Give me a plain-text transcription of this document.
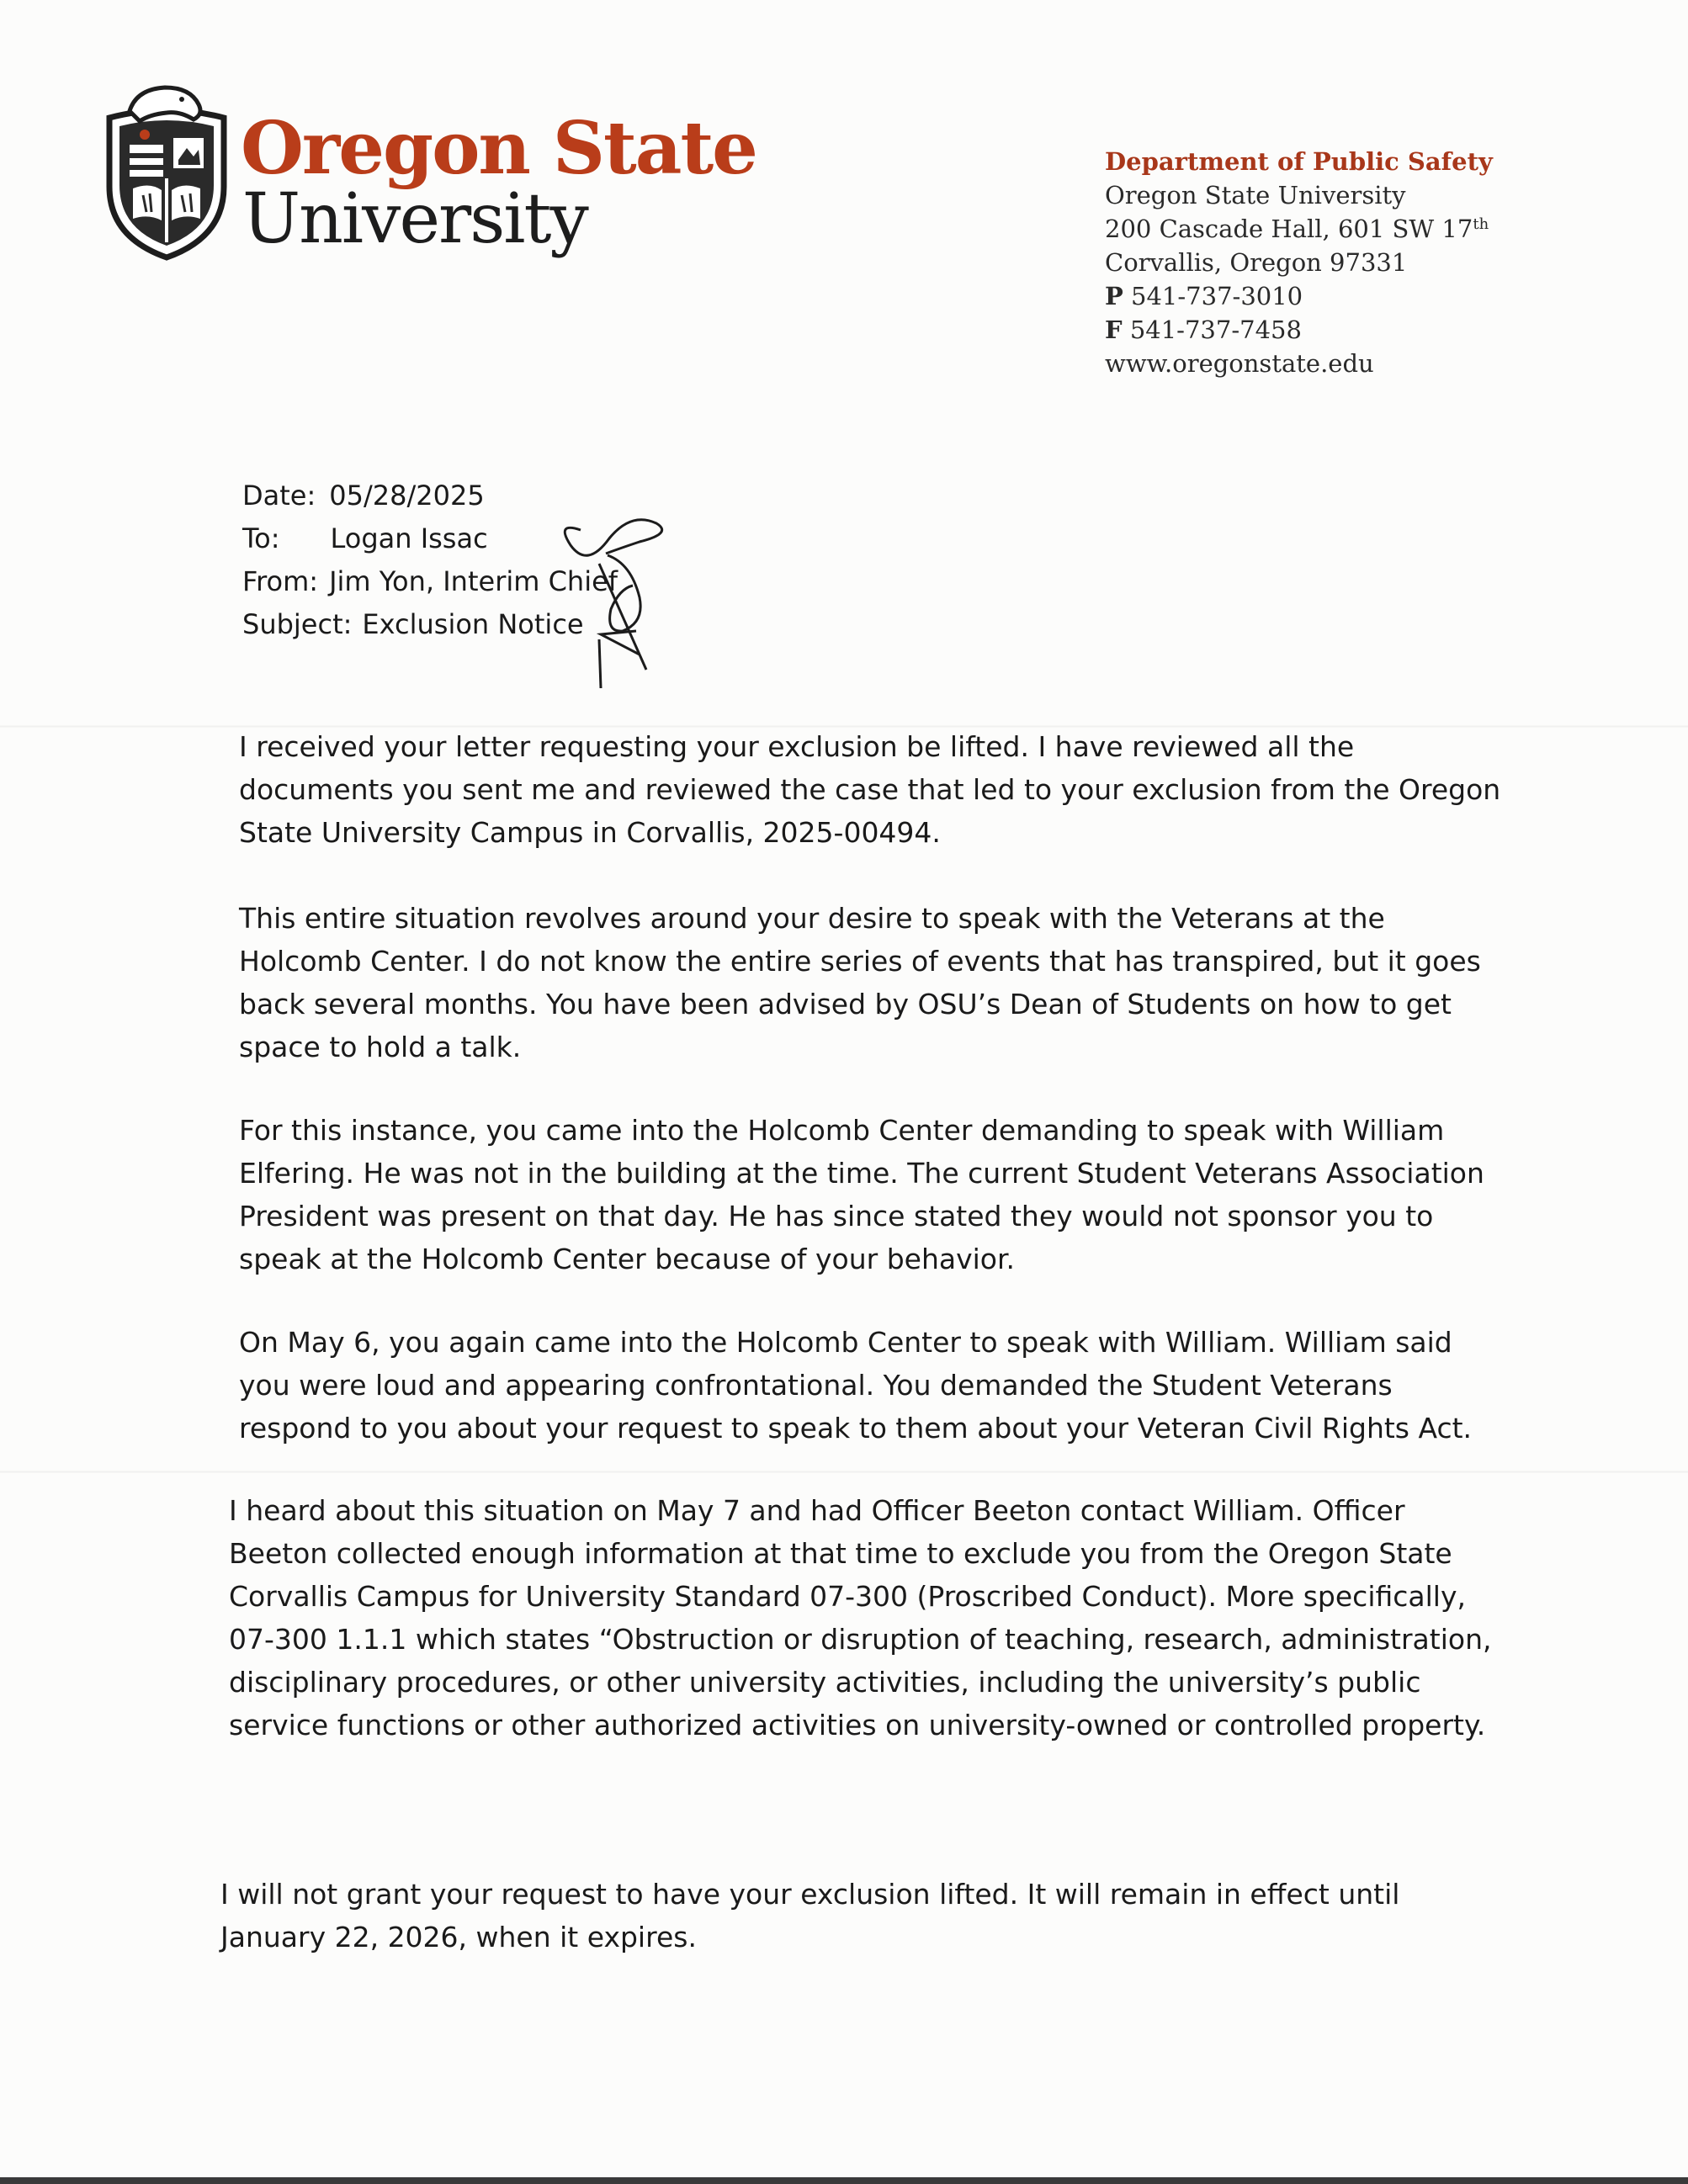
Oregon State
University
Department of Public Safety
Oregon State University
200 Cascade Hall, 601 SW 17th
Corvallis, Oregon 97331
P 541-737-3010
F 541-737-7458
www.oregonstate.edu
Date: 05/28/2025
To: Logan Issac
From: Jim Yon, Interim Chief
Subject: Exclusion Notice
I received your letter requesting your exclusion be lifted. I have reviewed all the
documents you sent me and reviewed the case that led to your exclusion from the Oregon
State University Campus in Corvallis, 2025-00494.
This entire situation revolves around your desire to speak with the Veterans at the
Holcomb Center. I do not know the entire series of events that has transpired, but it goes
back several months. You have been advised by OSU’s Dean of Students on how to get
space to hold a talk.
For this instance, you came into the Holcomb Center demanding to speak with William
Elfering. He was not in the building at the time. The current Student Veterans Association
President was present on that day. He has since stated they would not sponsor you to
speak at the Holcomb Center because of your behavior.
On May 6, you again came into the Holcomb Center to speak with William. William said
you were loud and appearing confrontational. You demanded the Student Veterans
respond to you about your request to speak to them about your Veteran Civil Rights Act.
I heard about this situation on May 7 and had Officer Beeton contact William. Officer
Beeton collected enough information at that time to exclude you from the Oregon State
Corvallis Campus for University Standard 07-300 (Proscribed Conduct). More specifically,
07-300 1.1.1 which states “Obstruction or disruption of teaching, research, administration,
disciplinary procedures, or other university activities, including the university’s public
service functions or other authorized activities on university-owned or controlled property.
I will not grant your request to have your exclusion lifted. It will remain in effect until
January 22, 2026, when it expires.
